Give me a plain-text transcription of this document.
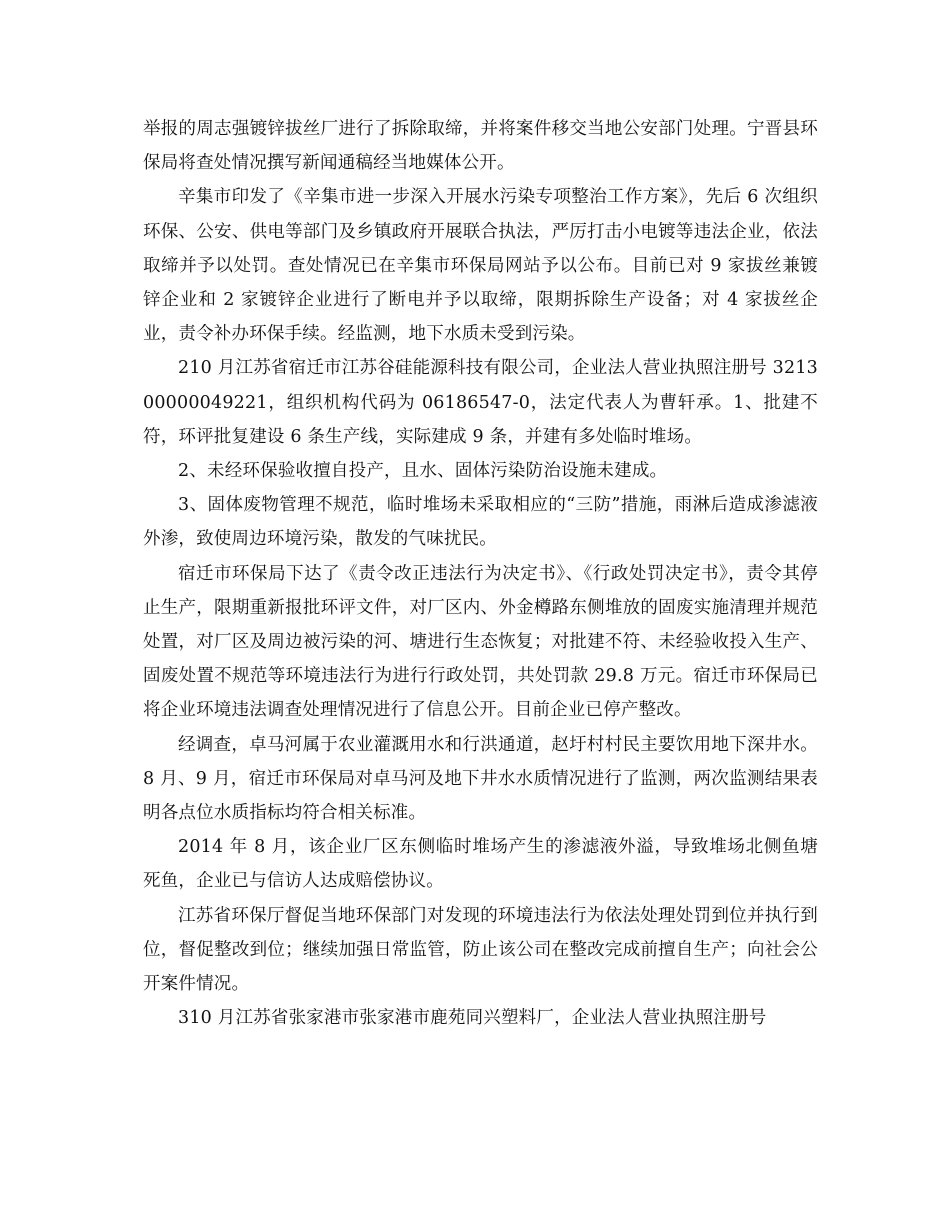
举报的周志强镀锌拔丝厂进行了拆除取缔，并将案件移交当地公安部门处理。宁晋县环保局将查处情况撰写新闻通稿经当地媒体公开。

辛集市印发了《辛集市进一步深入开展水污染专项整治工作方案》，先后 6 次组织环保、公安、供电等部门及乡镇政府开展联合执法，严厉打击小电镀等违法企业，依法取缔并予以处罚。查处情况已在辛集市环保局网站予以公布。目前已对 9 家拔丝兼镀锌企业和 2 家镀锌企业进行了断电并予以取缔，限期拆除生产设备；对 4 家拔丝企业，责令补办环保手续。经监测，地下水质未受到污染。

210 月江苏省宿迁市江苏谷硅能源科技有限公司，企业法人营业执照注册号 321300000049221，组织机构代码为 06186547-0，法定代表人为曹轩承。1、批建不符，环评批复建设 6 条生产线，实际建成 9 条，并建有多处临时堆场。

2、未经环保验收擅自投产，且水、固体污染防治设施未建成。

3、固体废物管理不规范，临时堆场未采取相应的“三防”措施，雨淋后造成渗滤液外渗，致使周边环境污染，散发的气味扰民。

宿迁市环保局下达了《责令改正违法行为决定书》、《行政处罚决定书》，责令其停止生产，限期重新报批环评文件，对厂区内、外金樽路东侧堆放的固废实施清理并规范处置，对厂区及周边被污染的河、塘进行生态恢复；对批建不符、未经验收投入生产、固废处置不规范等环境违法行为进行行政处罚，共处罚款 29.8 万元。宿迁市环保局已将企业环境违法调查处理情况进行了信息公开。目前企业已停产整改。

经调查，卓马河属于农业灌溉用水和行洪通道，赵圩村村民主要饮用地下深井水。8 月、9 月，宿迁市环保局对卓马河及地下井水水质情况进行了监测，两次监测结果表明各点位水质指标均符合相关标准。

2014 年 8 月，该企业厂区东侧临时堆场产生的渗滤液外溢，导致堆场北侧鱼塘死鱼，企业已与信访人达成赔偿协议。

江苏省环保厅督促当地环保部门对发现的环境违法行为依法处理处罚到位并执行到位，督促整改到位；继续加强日常监管，防止该公司在整改完成前擅自生产；向社会公开案件情况。

310 月江苏省张家港市张家港市鹿苑同兴塑料厂，企业法人营业执照注册号
